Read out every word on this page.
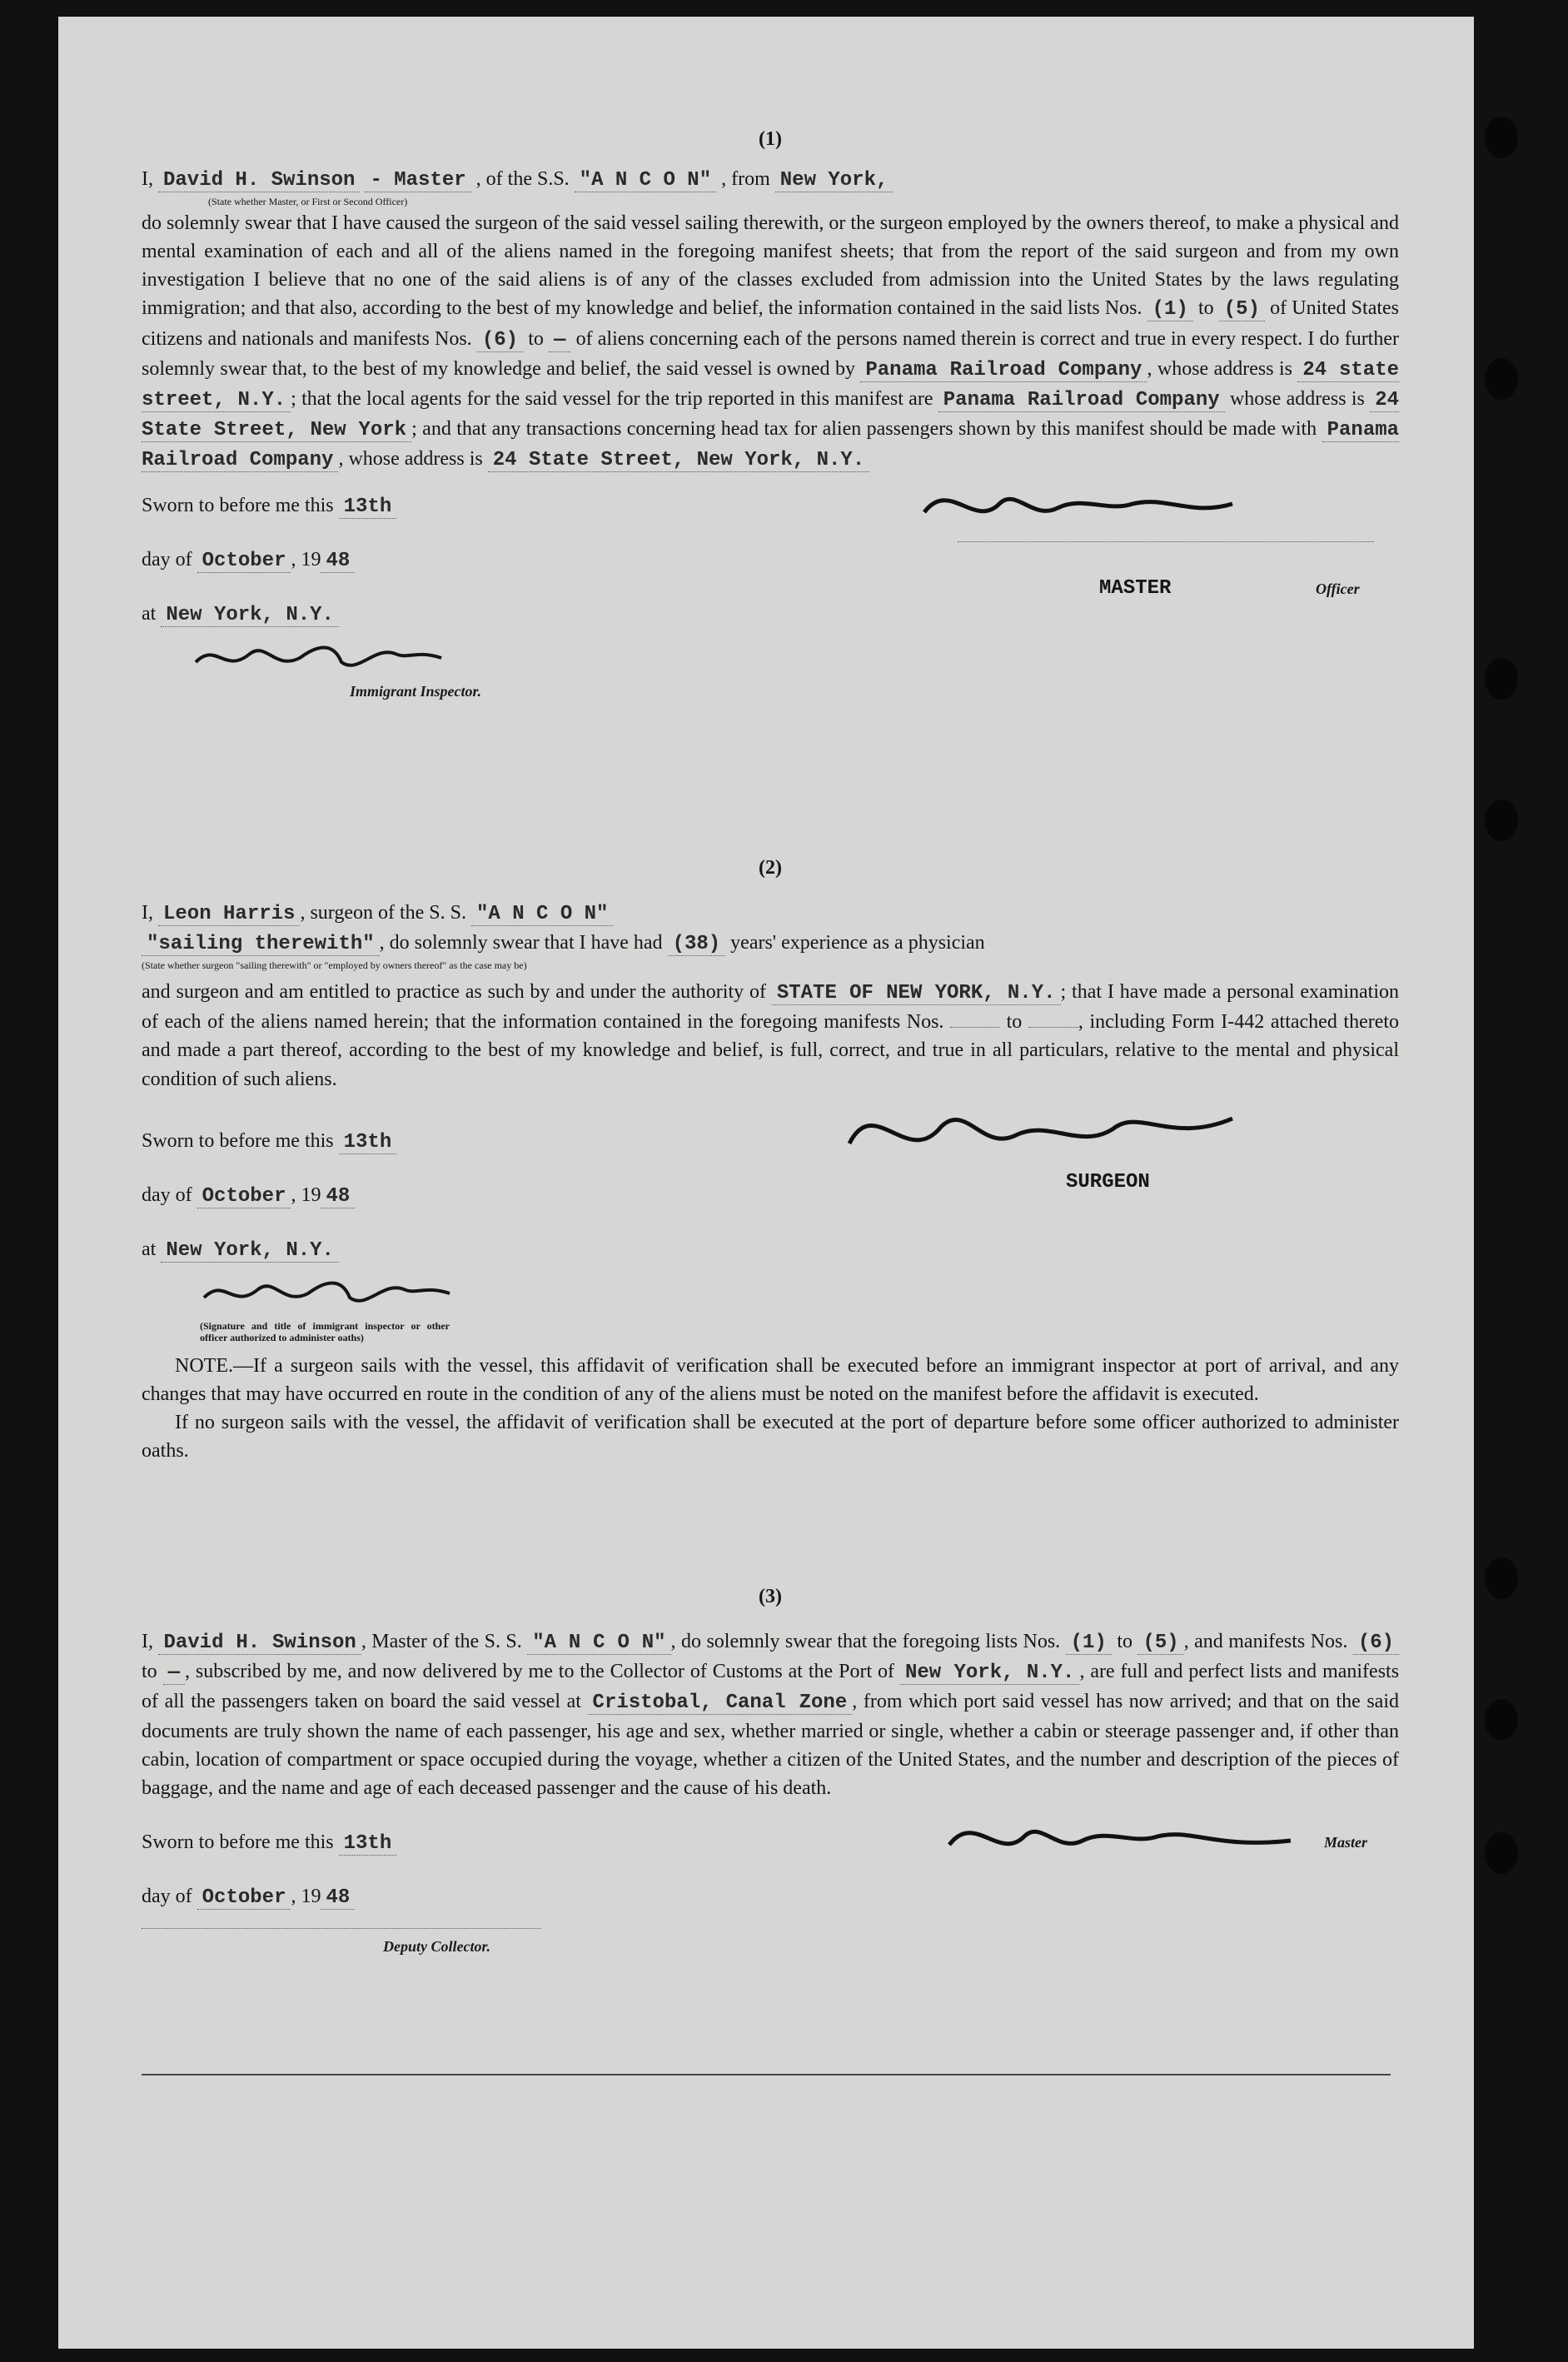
(1)
I, David H. Swinson - Master , of the S.S. "A N C O N" , from New York,
(State whether Master, or First or Second Officer)
do solemnly swear that I have caused the surgeon of the said vessel sailing therewith, or the surgeon employed by the owners thereof, to make a physical and mental examination of each and all of the aliens named in the foregoing manifest sheets; that from the report of the said surgeon and from my own investigation I believe that no one of the said aliens is of any of the classes excluded from admission into the United States by the laws regulating immigration; and that also, according to the best of my knowledge and belief, the information contained in the said lists Nos. (1) to (5) of United States citizens and nationals and manifests Nos. (6) to — of aliens concerning each of the persons named therein is correct and true in every respect. I do further solemnly swear that, to the best of my knowledge and belief, the said vessel is owned by Panama Railroad Company , whose address is 24 state street, N.Y. ; that the local agents for the said vessel for the trip reported in this manifest are Panama Railroad Company whose address is 24 State Street, New York ; and that any transactions concerning head tax for alien passengers shown by this manifest should be made with Panama Railroad Company , whose address is 24 State Street, New York, N.Y.
Sworn to before me this 13th
day of October , 19 48
at New York, N.Y.
Immigrant Inspector.
MASTER	Officer
(2)
I, Leon Harris , surgeon of the S. S. "A N C O N"
"sailing therewith" , do solemnly swear that I have had (38) years' experience as a physician
(State whether surgeon "sailing therewith" or "employed by owners thereof" as the case may be)
and surgeon and am entitled to practice as such by and under the authority of STATE OF NEW YORK, N.Y. ; that I have made a personal examination of each of the aliens named herein; that the information contained in the foregoing manifests Nos.	to	, including Form I-442 attached thereto and made a part thereof, according to the best of my knowledge and belief, is full, correct, and true in all particulars, relative to the mental and physical condition of such aliens.
Sworn to before me this 13th
day of October , 19 48
at New York, N.Y.
(Signature and title of immigrant inspector or other officer authorized to administer oaths)
SURGEON
NOTE.—If a surgeon sails with the vessel, this affidavit of verification shall be executed before an immigrant inspector at port of arrival, and any changes that may have occurred en route in the condition of any of the aliens must be noted on the manifest before the affidavit is executed.
If no surgeon sails with the vessel, the affidavit of verification shall be executed at the port of departure before some officer authorized to administer oaths.
(3)
I, David H. Swinson , Master of the S. S. "A N C O N" , do solemnly swear that the foregoing lists Nos. (1) to (5) , and manifests Nos. (6) to — , subscribed by me, and now delivered by me to the Collector of Customs at the Port of New York, N.Y. , are full and perfect lists and manifests of all the passengers taken on board the said vessel at Cristobal, Canal Zone , from which port said vessel has now arrived; and that on the said documents are truly shown the name of each passenger, his age and sex, whether married or single, whether a cabin or steerage passenger and, if other than cabin, location of compartment or space occupied during the voyage, whether a citizen of the United States, and the number and description of the pieces of baggage, and the name and age of each deceased passenger and the cause of his death.
Sworn to before me this 13th
day of October , 19 48
Deputy Collector.
Master
